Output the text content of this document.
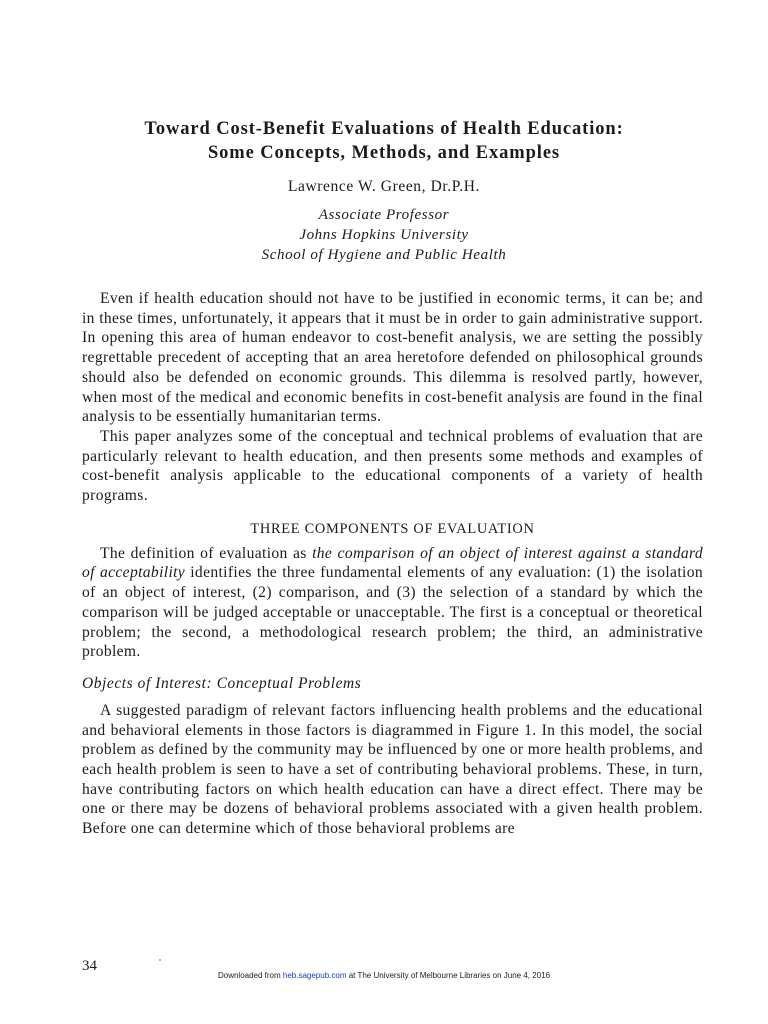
Toward Cost-Benefit Evaluations of Health Education:
Some Concepts, Methods, and Examples
Lawrence W. Green, Dr.P.H.
Associate Professor
Johns Hopkins University
School of Hygiene and Public Health

Even if health education should not have to be justified in economic terms, it can be; and in these times, unfortunately, it appears that it must be in order to gain administrative support. In opening this area of human endeavor to cost-benefit analysis, we are setting the possibly regrettable precedent of accepting that an area heretofore defended on philosophical grounds should also be defended on economic grounds. This dilemma is resolved partly, however, when most of the medical and economic benefits in cost-benefit analysis are found in the final analysis to be essentially humanitarian terms.

This paper analyzes some of the conceptual and technical problems of evaluation that are particularly relevant to health education, and then presents some methods and examples of cost-benefit analysis applicable to the educational components of a variety of health programs.

THREE COMPONENTS OF EVALUATION

The definition of evaluation as the comparison of an object of interest against a standard of acceptability identifies the three fundamental elements of any evaluation: (1) the isolation of an object of interest, (2) comparison, and (3) the selection of a standard by which the comparison will be judged acceptable or unacceptable. The first is a conceptual or theoretical problem; the second, a methodological research problem; the third, an administrative problem.

Objects of Interest: Conceptual Problems

A suggested paradigm of relevant factors influencing health problems and the educational and behavioral elements in those factors is diagrammed in Figure 1. In this model, the social problem as defined by the community may be influenced by one or more health problems, and each health problem is seen to have a set of contributing behavioral problems. These, in turn, have contributing factors on which health education can have a direct effect. There may be one or there may be dozens of behavioral problems associated with a given health problem. Before one can determine which of those behavioral problems are

34
Downloaded from heb.sagepub.com at The University of Melbourne Libraries on June 4, 2016
